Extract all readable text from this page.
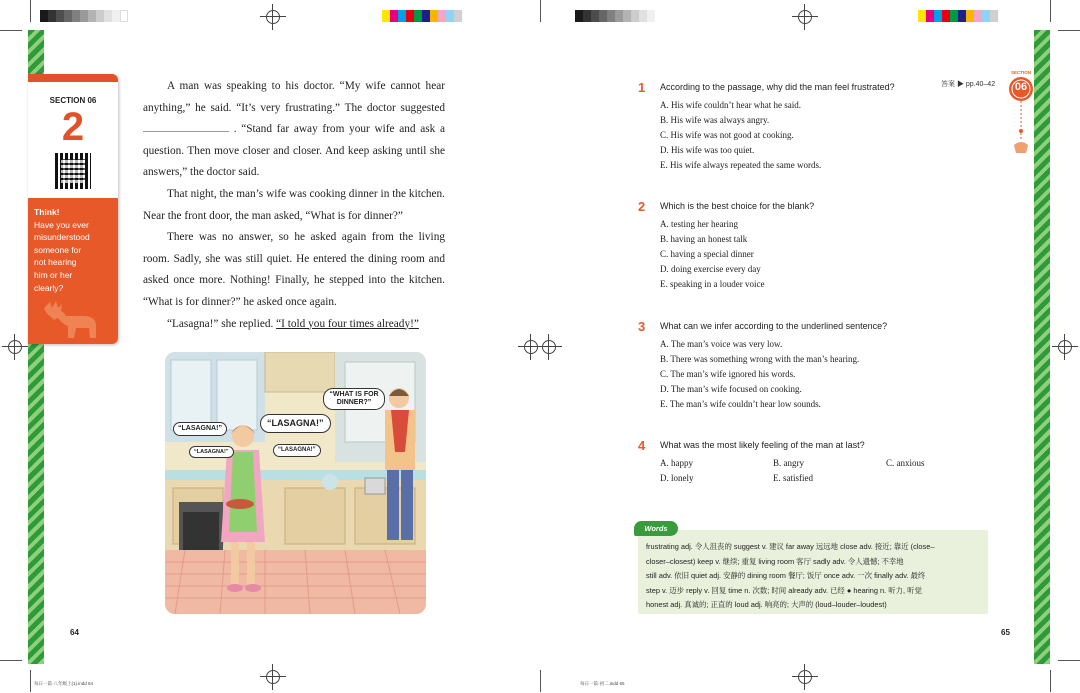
SECTION 06
2
Think!
Have you ever
misunderstood
someone for
not hearing
him or her
clearly?

A man was speaking to his doctor. “My wife cannot hear anything,” he said. “It’s very frustrating.” The doctor suggested  . “Stand far away from your wife and ask a question. Then move closer and closer. And keep asking until she answers,” the doctor said.

That night, the man’s wife was cooking dinner in the kitchen. Near the front door, the man asked, “What is for dinner?”

There was no answer, so he asked again from the living room. Sadly, she was still quiet. He entered the dining room and asked once more. Nothing! Finally, he stepped into the kitchen. “What is for dinner?” he asked once again.

“Lasagna!” she replied. “I told you four times already!”

“WHAT IS FOR DINNER?”
“LASAGNA!”
“LASAGNA!”
“LASAGNA!”	“LASAGNA!”
64	65
答案 ▶ pp.40–42
SECTION
06
1 According to the passage, why did the man feel frustrated?
A. His wife couldn’t hear what he said.
B. His wife was always angry.
C. His wife was not good at cooking.
D. His wife was too quiet.
E. His wife always repeated the same words.
2 Which is the best choice for the blank?
A. testing her hearing
B. having an honest talk
C. having a special dinner
D. doing exercise every day
E. speaking in a louder voice
3 What can we infer according to the underlined sentence?
A. The man’s voice was very low.
B. There was something wrong with the man’s hearing.
C. The man’s wife ignored his words.
D. The man’s wife focused on cooking.
E. The man’s wife couldn’t hear low sounds.
4 What was the most likely feeling of the man at last?
A. happy	B. angry	C. anxious
D. lonely	E. satisfied
frustrating adj. 令人沮丧的 suggest v. 建议 far away 远远地 close adv. 接近; 靠近 (close–
closer–closest) keep v. 继续; 重复 living room 客厅 sadly adv. 令人遗憾; 不幸地
still adv. 依旧 quiet adj. 安静的 dining room 餐厅; 饭厅 once adv. 一次 finally adv. 最终
step v. 迈步 reply v. 回复 time n. 次数; 时间 already adv. 已经 ● hearing n. 听力, 听觉
honest adj. 真诚的; 正直的 loud adj. 响亮的; 大声的 (loud–louder–loudest)
Words
每日一篇·八年级上(1).indd 64	每日一篇·初二.indd 65
